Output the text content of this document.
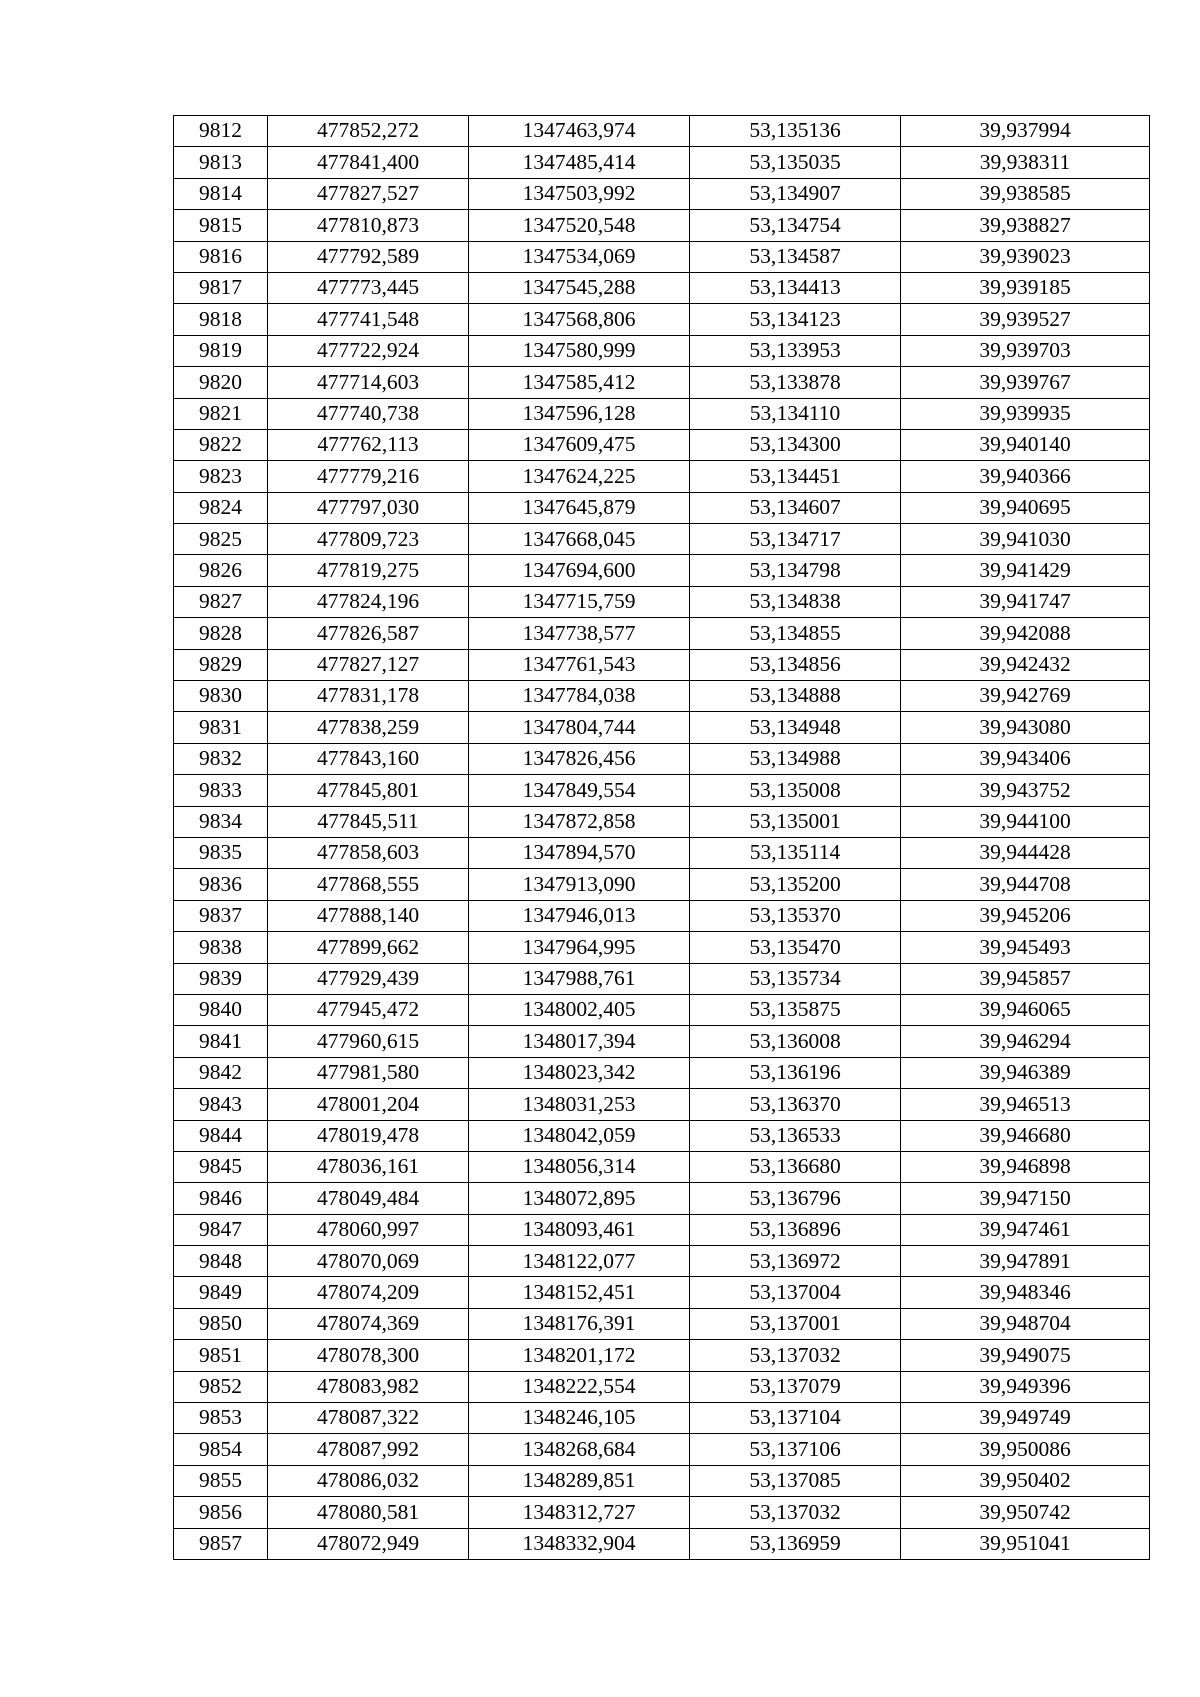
9812	477852,272	1347463,974	53,135136	39,937994
9813	477841,400	1347485,414	53,135035	39,938311
9814	477827,527	1347503,992	53,134907	39,938585
9815	477810,873	1347520,548	53,134754	39,938827
9816	477792,589	1347534,069	53,134587	39,939023
9817	477773,445	1347545,288	53,134413	39,939185
9818	477741,548	1347568,806	53,134123	39,939527
9819	477722,924	1347580,999	53,133953	39,939703
9820	477714,603	1347585,412	53,133878	39,939767
9821	477740,738	1347596,128	53,134110	39,939935
9822	477762,113	1347609,475	53,134300	39,940140
9823	477779,216	1347624,225	53,134451	39,940366
9824	477797,030	1347645,879	53,134607	39,940695
9825	477809,723	1347668,045	53,134717	39,941030
9826	477819,275	1347694,600	53,134798	39,941429
9827	477824,196	1347715,759	53,134838	39,941747
9828	477826,587	1347738,577	53,134855	39,942088
9829	477827,127	1347761,543	53,134856	39,942432
9830	477831,178	1347784,038	53,134888	39,942769
9831	477838,259	1347804,744	53,134948	39,943080
9832	477843,160	1347826,456	53,134988	39,943406
9833	477845,801	1347849,554	53,135008	39,943752
9834	477845,511	1347872,858	53,135001	39,944100
9835	477858,603	1347894,570	53,135114	39,944428
9836	477868,555	1347913,090	53,135200	39,944708
9837	477888,140	1347946,013	53,135370	39,945206
9838	477899,662	1347964,995	53,135470	39,945493
9839	477929,439	1347988,761	53,135734	39,945857
9840	477945,472	1348002,405	53,135875	39,946065
9841	477960,615	1348017,394	53,136008	39,946294
9842	477981,580	1348023,342	53,136196	39,946389
9843	478001,204	1348031,253	53,136370	39,946513
9844	478019,478	1348042,059	53,136533	39,946680
9845	478036,161	1348056,314	53,136680	39,946898
9846	478049,484	1348072,895	53,136796	39,947150
9847	478060,997	1348093,461	53,136896	39,947461
9848	478070,069	1348122,077	53,136972	39,947891
9849	478074,209	1348152,451	53,137004	39,948346
9850	478074,369	1348176,391	53,137001	39,948704
9851	478078,300	1348201,172	53,137032	39,949075
9852	478083,982	1348222,554	53,137079	39,949396
9853	478087,322	1348246,105	53,137104	39,949749
9854	478087,992	1348268,684	53,137106	39,950086
9855	478086,032	1348289,851	53,137085	39,950402
9856	478080,581	1348312,727	53,137032	39,950742
9857	478072,949	1348332,904	53,136959	39,951041
